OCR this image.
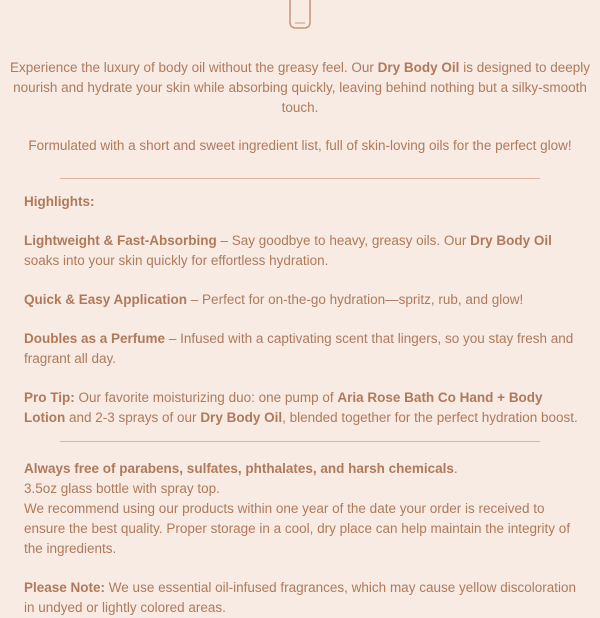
Experience the luxury of body oil without the greasy feel. Our Dry Body Oil is designed to deeply nourish and hydrate your skin while absorbing quickly, leaving behind nothing but a silky-smooth touch.

Formulated with a short and sweet ingredient list, full of skin-loving oils for the perfect glow!

Highlights:

Lightweight & Fast-Absorbing – Say goodbye to heavy, greasy oils. Our Dry Body Oil soaks into your skin quickly for effortless hydration.

Quick & Easy Application – Perfect for on-the-go hydration—spritz, rub, and glow!

Doubles as a Perfume – Infused with a captivating scent that lingers, so you stay fresh and fragrant all day.

Pro Tip: Our favorite moisturizing duo: one pump of Aria Rose Bath Co Hand + Body Lotion and 2-3 sprays of our Dry Body Oil, blended together for the perfect hydration boost.

Always free of parabens, sulfates, phthalates, and harsh chemicals.

3.5oz glass bottle with spray top.

We recommend using our products within one year of the date your order is received to ensure the best quality. Proper storage in a cool, dry place can help maintain the integrity of the ingredients.

Please Note: We use essential oil-infused fragrances, which may cause yellow discoloration in undyed or lightly colored areas.
